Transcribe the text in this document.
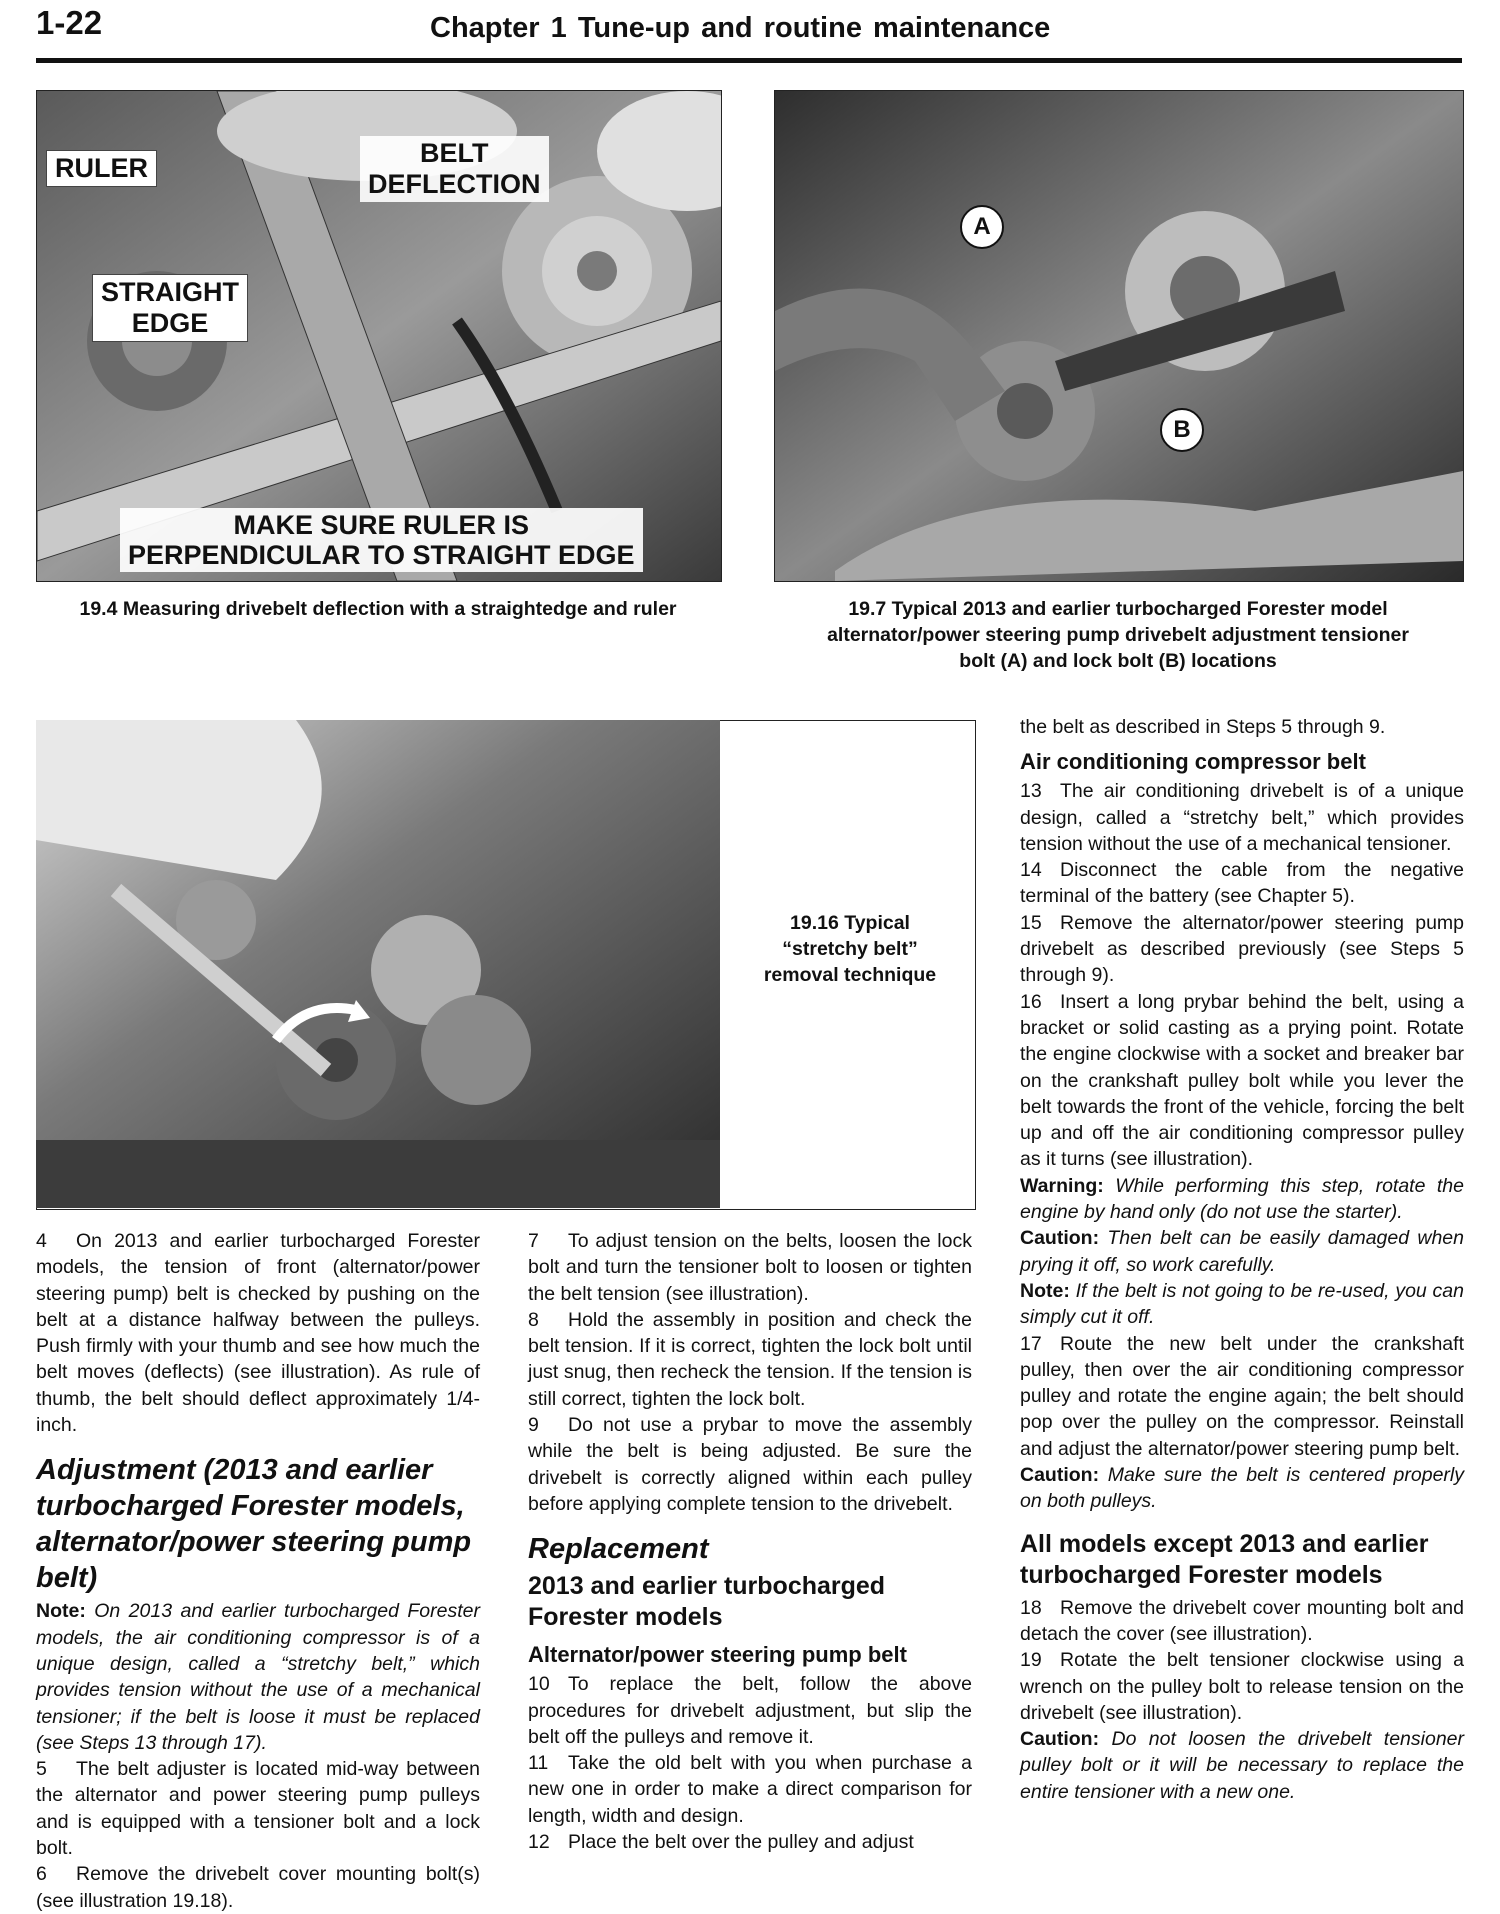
1-22	Chapter 1 Tune-up and routine maintenance
RULER	BELT
DEFLECTION
STRAIGHT
EDGE
MAKE SURE RULER IS
PERPENDICULAR TO STRAIGHT EDGE
19.4 Measuring drivebelt deflection with a straightedge and ruler
A
B
19.7 Typical 2013 and earlier turbocharged Forester model
alternator/power steering pump drivebelt adjustment tensioner
bolt (A) and lock bolt (B) locations
19.16 Typical
“stretchy belt”
removal technique

4 On 2013 and earlier turbocharged Forester models, the tension of front (alternator/power steering pump) belt is checked by pushing on the belt at a distance halfway between the pulleys. Push firmly with your thumb and see how much the belt moves (deflects) (see illustration). As rule of thumb, the belt should deflect approximately 1/4-inch.

Adjustment (2013 and earlier turbocharged Forester models, alternator/power steering pump belt)

Note: On 2013 and earlier turbocharged Forester models, the air conditioning compressor is of a unique design, called a “stretchy belt,” which provides tension without the use of a mechanical tensioner; if the belt is loose it must be replaced (see Steps 13 through 17).

5 The belt adjuster is located mid-way between the alternator and power steering pump pulleys and is equipped with a tensioner bolt and a lock bolt.

6 Remove the drivebelt cover mounting bolt(s) (see illustration 19.18).

7 To adjust tension on the belts, loosen the lock bolt and turn the tensioner bolt to loosen or tighten the belt tension (see illustration).

8 Hold the assembly in position and check the belt tension. If it is correct, tighten the lock bolt until just snug, then recheck the tension. If the tension is still correct, tighten the lock bolt.

9 Do not use a prybar to move the assembly while the belt is being adjusted. Be sure the drivebelt is correctly aligned within each pulley before applying complete tension to the drivebelt.

Replacement
2013 and earlier turbocharged Forester models
Alternator/power steering pump belt

10 To replace the belt, follow the above procedures for drivebelt adjustment, but slip the belt off the pulleys and remove it.

11 Take the old belt with you when purchase a new one in order to make a direct comparison for length, width and design.

12 Place the belt over the pulley and adjust

the belt as described in Steps 5 through 9.

Air conditioning compressor belt

13 The air conditioning drivebelt is of a unique design, called a “stretchy belt,” which provides tension without the use of a mechanical tensioner.

14 Disconnect the cable from the negative terminal of the battery (see Chapter 5).

15 Remove the alternator/power steering pump drivebelt as described previously (see Steps 5 through 9).

16 Insert a long prybar behind the belt, using a bracket or solid casting as a prying point. Rotate the engine clockwise with a socket and breaker bar on the crankshaft pulley bolt while you lever the belt towards the front of the vehicle, forcing the belt up and off the air conditioning compressor pulley as it turns (see illustration).

Warning: While performing this step, rotate the engine by hand only (do not use the starter).

Caution: Then belt can be easily damaged when prying it off, so work carefully.

Note: If the belt is not going to be re-used, you can simply cut it off.

17 Route the new belt under the crankshaft pulley, then over the air conditioning compressor pulley and rotate the engine again; the belt should pop over the pulley on the compressor. Reinstall and adjust the alternator/power steering pump belt.

Caution: Make sure the belt is centered properly on both pulleys.

All models except 2013 and earlier turbocharged Forester models

18 Remove the drivebelt cover mounting bolt and detach the cover (see illustration).

19 Rotate the belt tensioner clockwise using a wrench on the pulley bolt to release tension on the drivebelt (see illustration).

Caution: Do not loosen the drivebelt tensioner pulley bolt or it will be necessary to replace the entire tensioner with a new one.
